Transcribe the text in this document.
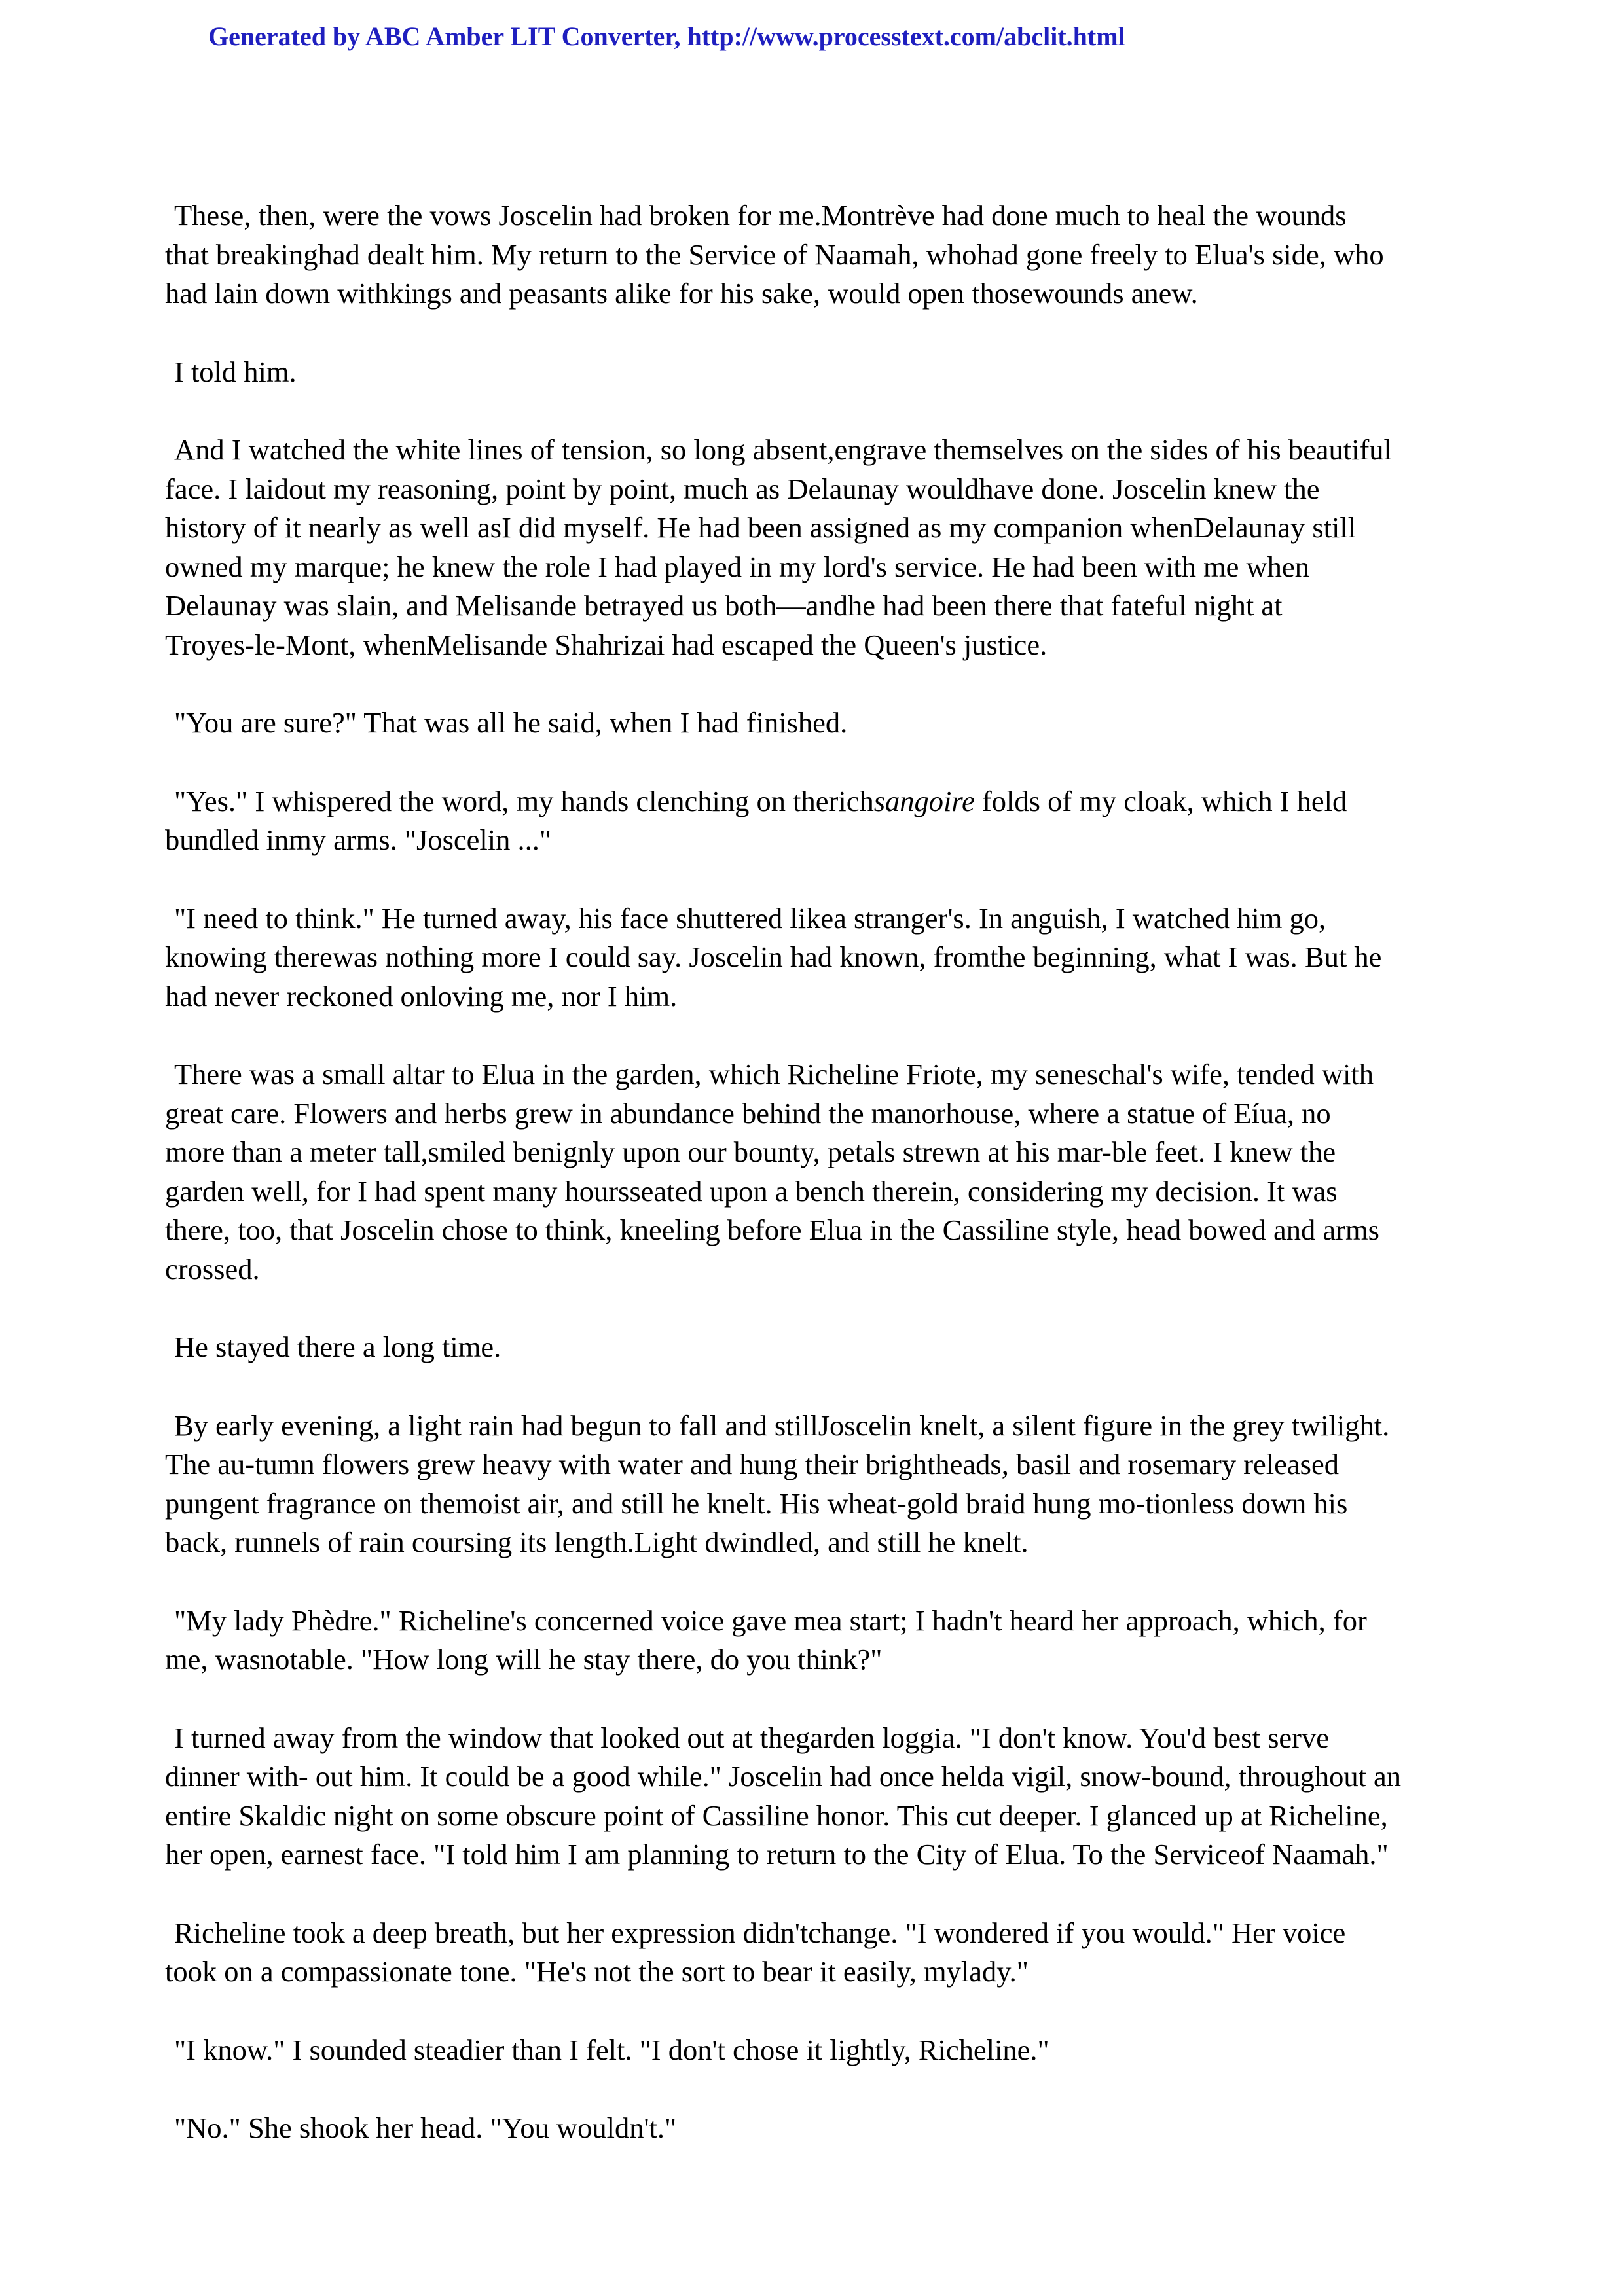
Generated by ABC Amber LIT Converter, http://www.processtext.com/abclit.html
These, then, were the vows Joscelin had broken for me.Montrève had done much to heal the wounds
that breakinghad dealt him. My return to the Service of Naamah, whohad gone freely to Elua's side, who
had lain down withkings and peasants alike for his sake, would open thosewounds anew.
I told him.
And I watched the white lines of tension, so long absent,engrave themselves on the sides of his beautiful
face. I laidout my reasoning, point by point, much as Delaunay wouldhave done. Joscelin knew the
history of it nearly as well asI did myself. He had been assigned as my companion whenDelaunay still
owned my marque; he knew the role I had played in my lord's service. He had been with me when
Delaunay was slain, and Melisande betrayed us both—andhe had been there that fateful night at
Troyes-le-Mont, whenMelisande Shahrizai had escaped the Queen's justice.
"You are sure?" That was all he said, when I had finished.
"Yes." I whispered the word, my hands clenching on therichsangoire folds of my cloak, which I held
bundled inmy arms. "Joscelin ..."
"I need to think." He turned away, his face shuttered likea stranger's. In anguish, I watched him go,
knowing therewas nothing more I could say. Joscelin had known, fromthe beginning, what I was. But he
had never reckoned onloving me, nor I him.
There was a small altar to Elua in the garden, which Richeline Friote, my seneschal's wife, tended with
great care. Flowers and herbs grew in abundance behind the manorhouse, where a statue of Eíua, no
more than a meter tall,smiled benignly upon our bounty, petals strewn at his mar-ble feet. I knew the
garden well, for I had spent many hoursseated upon a bench therein, considering my decision. It was
there, too, that Joscelin chose to think, kneeling before Elua in the Cassiline style, head bowed and arms
crossed.
He stayed there a long time.
By early evening, a light rain had begun to fall and stillJoscelin knelt, a silent figure in the grey twilight.
The au-tumn flowers grew heavy with water and hung their brightheads, basil and rosemary released
pungent fragrance on themoist air, and still he knelt. His wheat-gold braid hung mo-tionless down his
back, runnels of rain coursing its length.Light dwindled, and still he knelt.
"My lady Phèdre." Richeline's concerned voice gave mea start; I hadn't heard her approach, which, for
me, wasnotable. "How long will he stay there, do you think?"
I turned away from the window that looked out at thegarden loggia. "I don't know. You'd best serve
dinner with- out him. It could be a good while." Joscelin had once helda vigil, snow-bound, throughout an
entire Skaldic night on some obscure point of Cassiline honor. This cut deeper. I glanced up at Richeline,
her open, earnest face. "I told him I am planning to return to the City of Elua. To the Serviceof Naamah."
Richeline took a deep breath, but her expression didn'tchange. "I wondered if you would." Her voice
took on a compassionate tone. "He's not the sort to bear it easily, mylady."
"I know." I sounded steadier than I felt. "I don't chose it lightly, Richeline."
"No." She shook her head. "You wouldn't."
